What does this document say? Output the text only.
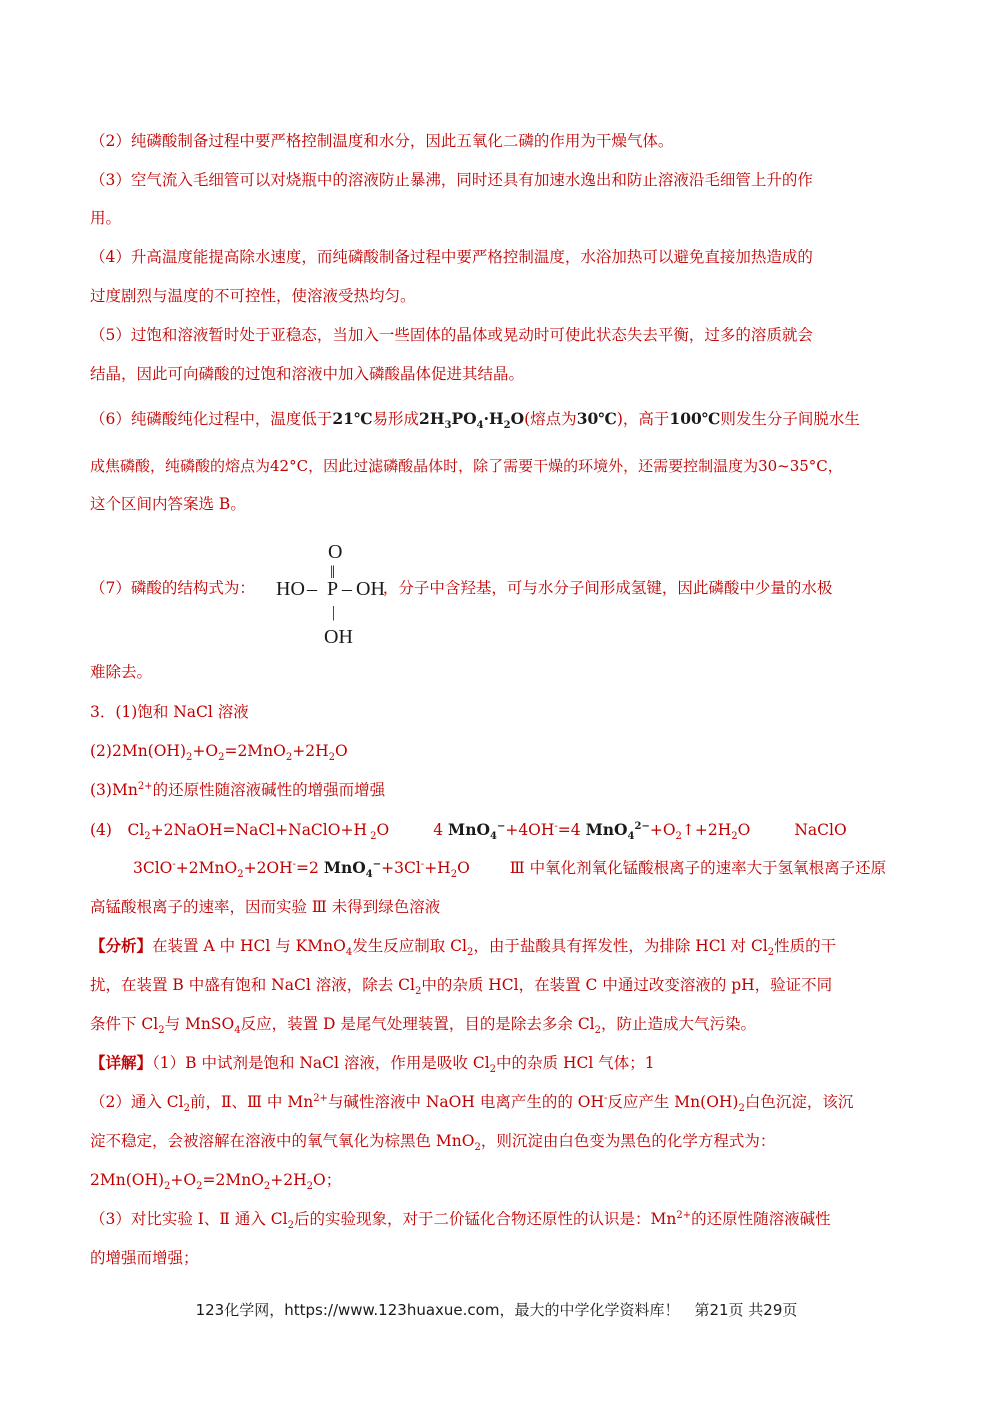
（2）纯磷酸制备过程中要严格控制温度和水分，因此五氧化二磷的作用为干燥气体。
（3）空气流入毛细管可以对烧瓶中的溶液防止暴沸，同时还具有加速水逸出和防止溶液沿毛细管上升的作
用。
（4）升高温度能提高除水速度，而纯磷酸制备过程中要严格控制温度，水浴加热可以避免直接加热造成的
过度剧烈与温度的不可控性，使溶液受热均匀。
（5）过饱和溶液暂时处于亚稳态，当加入一些固体的晶体或晃动时可使此状态失去平衡，过多的溶质就会
结晶，因此可向磷酸的过饱和溶液中加入磷酸晶体促进其结晶。
（6）纯磷酸纯化过程中，温度低于21℃易形成$2H_3PO_4\cdot H_2O$(熔点为30℃)，高于100℃则发生分子间脱水生
成焦磷酸，纯磷酸的熔点为42°C，因此过滤磷酸晶体时，除了需要干燥的环境外，还需要控制温度为30~35°C，
这个区间内答案选 B。
（7）磷酸的结构式为：	，分子中含羟基，可与水分子间形成氢键，因此磷酸中少量的水极
O
‖
HO – P – OH
|
OH
难除去。
3．(1)饱和 NaCl 溶液
$(2)2Mn(OH)_2+O_2=2MnO_2+2H_2O$
$(3)Mn^{2+}$的还原性随溶液碱性的增强而增强
(4)　$Cl_2+2NaOH=NaCl+NaClO+H$ $_2$O	4 MnO$_4$−+4OH-=4 $MnO_4^{2-}+O_2↑+2H_2O$	NaClO
3ClO-+2MnO$_2$+2OH-=2 $MnO_4^-+3Cl^-+H_2O$	Ⅲ 中氧化剂氧化锰酸根离子的速率大于氢氧根离子还原
高锰酸根离子的速率，因而实验 Ⅲ 未得到绿色溶液
【分析】在装置 A 中 HCl 与 KMnO$_4$发生反应制取 $Cl_2$，由于盐酸具有挥发性，为排除 HCl 对 $Cl_2$性质的干
扰，在装置 B 中盛有饱和 NaCl 溶液，除去 $Cl_2$中的杂质 HCl，在装置 C 中通过改变溶液的 pH，验证不同
条件下 $Cl_2$与 MnSO$_4$反应，装置 D 是尾气处理装置，目的是除去多余 $Cl_2$，防止造成大气污染。
【详解】（1）B 中试剂是饱和 NaCl 溶液，作用是吸收 $Cl_2$中的杂质 HCl 气体；1
（2）通入 $Cl_2$前，Ⅱ、Ⅲ 中 $Mn^{2+}$与碱性溶液中 NaOH 电离产生的的 OH-反应产生 $Mn(OH)_2$白色沉淀，该沉
淀不稳定，会被溶解在溶液中的氧气氧化为棕黑色 MnO$_2$，则沉淀由白色变为黑色的化学方程式为：
$2Mn(OH)_2+O_2=2MnO_2+2H_2O$；
（3）对比实验 Ⅰ、Ⅱ 通入 $Cl_2$后的实验现象，对于二价锰化合物还原性的认识是：$Mn^{2+}$的还原性随溶液碱性
的增强而增强；
123化学网，https://www.123huaxue.com，最大的中学化学资料库！　第21页 共29页
